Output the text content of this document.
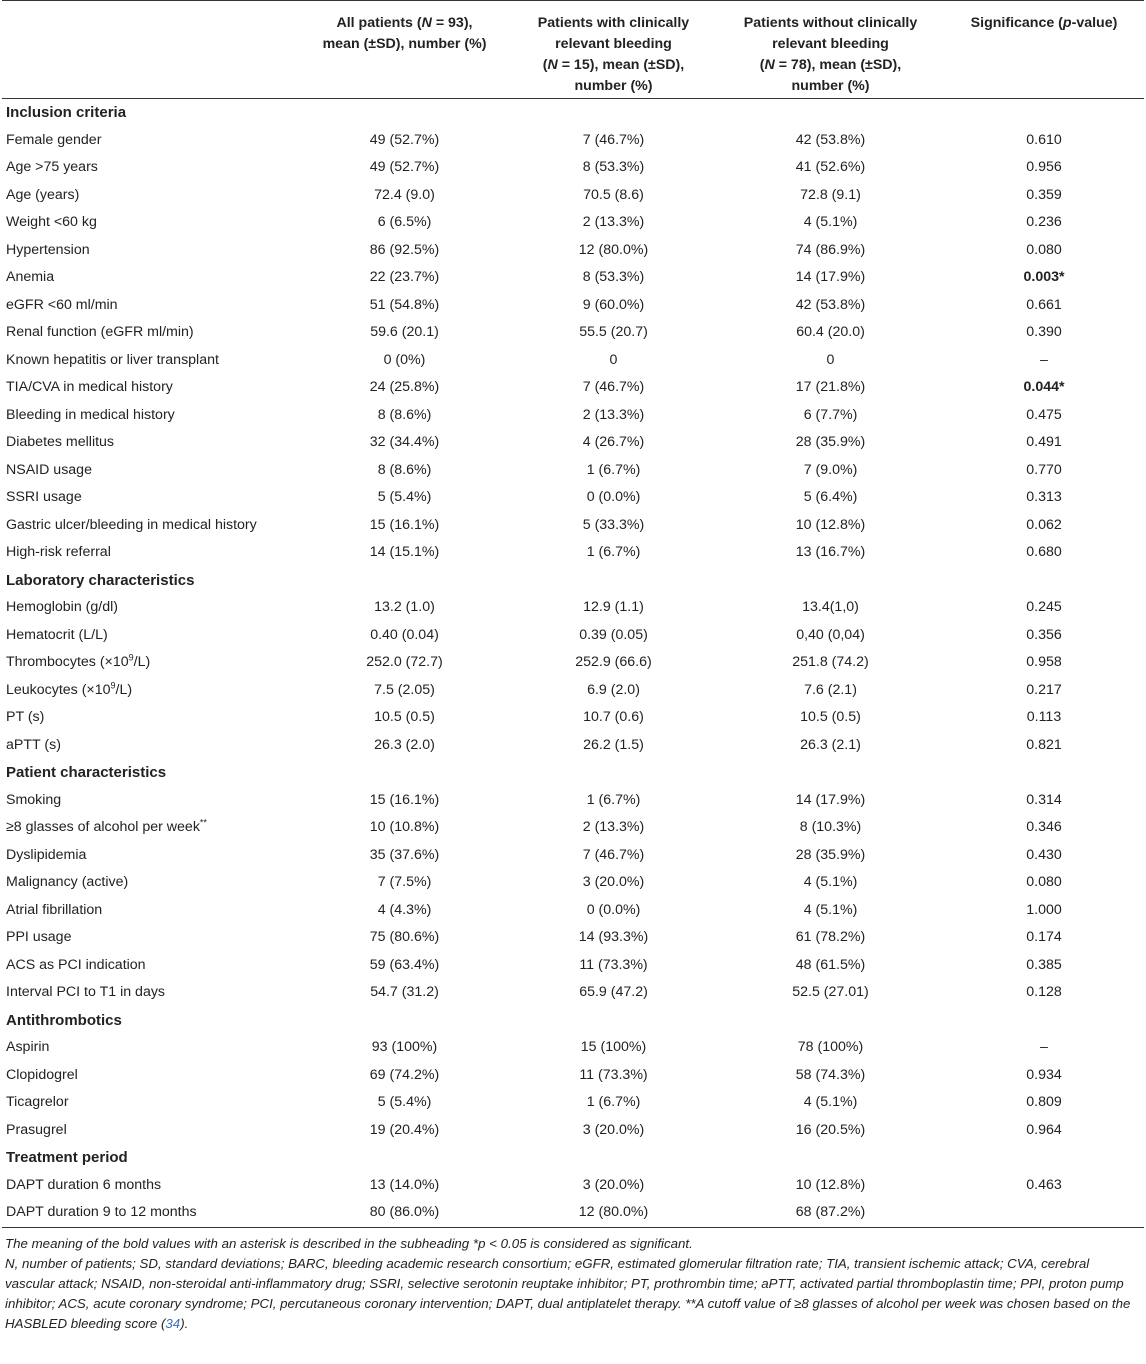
	All patients (N = 93),
mean (±SD), number (%)	Patients with clinically
relevant bleeding
(N = 15), mean (±SD),
number (%)	Patients without clinically
relevant bleeding
(N = 78), mean (±SD),
number (%)	Significance (p-value)
Inclusion criteria				
Female gender	49 (52.7%)	7 (46.7%)	42 (53.8%)	0.610
Age >75 years	49 (52.7%)	8 (53.3%)	41 (52.6%)	0.956
Age (years)	72.4 (9.0)	70.5 (8.6)	72.8 (9.1)	0.359
Weight <60 kg	6 (6.5%)	2 (13.3%)	4 (5.1%)	0.236
Hypertension	86 (92.5%)	12 (80.0%)	74 (86.9%)	0.080
Anemia	22 (23.7%)	8 (53.3%)	14 (17.9%)	0.003*
eGFR <60 ml/min	51 (54.8%)	9 (60.0%)	42 (53.8%)	0.661
Renal function (eGFR ml/min)	59.6 (20.1)	55.5 (20.7)	60.4 (20.0)	0.390
Known hepatitis or liver transplant	0 (0%)	0	0	–
TIA/CVA in medical history	24 (25.8%)	7 (46.7%)	17 (21.8%)	0.044*
Bleeding in medical history	8 (8.6%)	2 (13.3%)	6 (7.7%)	0.475
Diabetes mellitus	32 (34.4%)	4 (26.7%)	28 (35.9%)	0.491
NSAID usage	8 (8.6%)	1 (6.7%)	7 (9.0%)	0.770
SSRI usage	5 (5.4%)	0 (0.0%)	5 (6.4%)	0.313
Gastric ulcer/bleeding in medical history	15 (16.1%)	5 (33.3%)	10 (12.8%)	0.062
High-risk referral	14 (15.1%)	1 (6.7%)	13 (16.7%)	0.680
Laboratory characteristics				
Hemoglobin (g/dl)	13.2 (1.0)	12.9 (1.1)	13.4(1,0)	0.245
Hematocrit (L/L)	0.40 (0.04)	0.39 (0.05)	0,40 (0,04)	0.356
Thrombocytes $(\times 10^9/L)$	252.0 (72.7)	252.9 (66.6)	251.8 (74.2)	0.958
Leukocytes $(\times 10^9/L)$	7.5 (2.05)	6.9 (2.0)	7.6 (2.1)	0.217
PT (s)	10.5 (0.5)	10.7 (0.6)	10.5 (0.5)	0.113
aPTT (s)	26.3 (2.0)	26.2 (1.5)	26.3 (2.1)	0.821
Patient characteristics				
Smoking	15 (16.1%)	1 (6.7%)	14 (17.9%)	0.314
≥8 glasses of alcohol per week**	10 (10.8%)	2 (13.3%)	8 (10.3%)	0.346
Dyslipidemia	35 (37.6%)	7 (46.7%)	28 (35.9%)	0.430
Malignancy (active)	7 (7.5%)	3 (20.0%)	4 (5.1%)	0.080
Atrial fibrillation	4 (4.3%)	0 (0.0%)	4 (5.1%)	1.000
PPI usage	75 (80.6%)	14 (93.3%)	61 (78.2%)	0.174
ACS as PCI indication	59 (63.4%)	11 (73.3%)	48 (61.5%)	0.385
Interval PCI to T1 in days	54.7 (31.2)	65.9 (47.2)	52.5 (27.01)	0.128
Antithrombotics				
Aspirin	93 (100%)	15 (100%)	78 (100%)	–
Clopidogrel	69 (74.2%)	11 (73.3%)	58 (74.3%)	0.934
Ticagrelor	5 (5.4%)	1 (6.7%)	4 (5.1%)	0.809
Prasugrel	19 (20.4%)	3 (20.0%)	16 (20.5%)	0.964
Treatment period				
DAPT duration 6 months	13 (14.0%)	3 (20.0%)	10 (12.8%)	0.463
DAPT duration 9 to 12 months	80 (86.0%)	12 (80.0%)	68 (87.2%)	
The meaning of the bold values with an asterisk is described in the subheading *p < 0.05 is considered as significant.
N, number of patients; SD, standard deviations; BARC, bleeding academic research consortium; eGFR, estimated glomerular filtration rate; TIA, transient ischemic attack; CVA, cerebral vascular attack; NSAID, non-steroidal anti-inflammatory drug; SSRI, selective serotonin reuptake inhibitor; PT, prothrombin time; aPTT, activated partial thromboplastin time; PPI, proton pump inhibitor; ACS, acute coronary syndrome; PCI, percutaneous coronary intervention; DAPT, dual antiplatelet therapy. **A cutoff value of ≥8 glasses of alcohol per week was chosen based on the HASBLED bleeding score (34).
